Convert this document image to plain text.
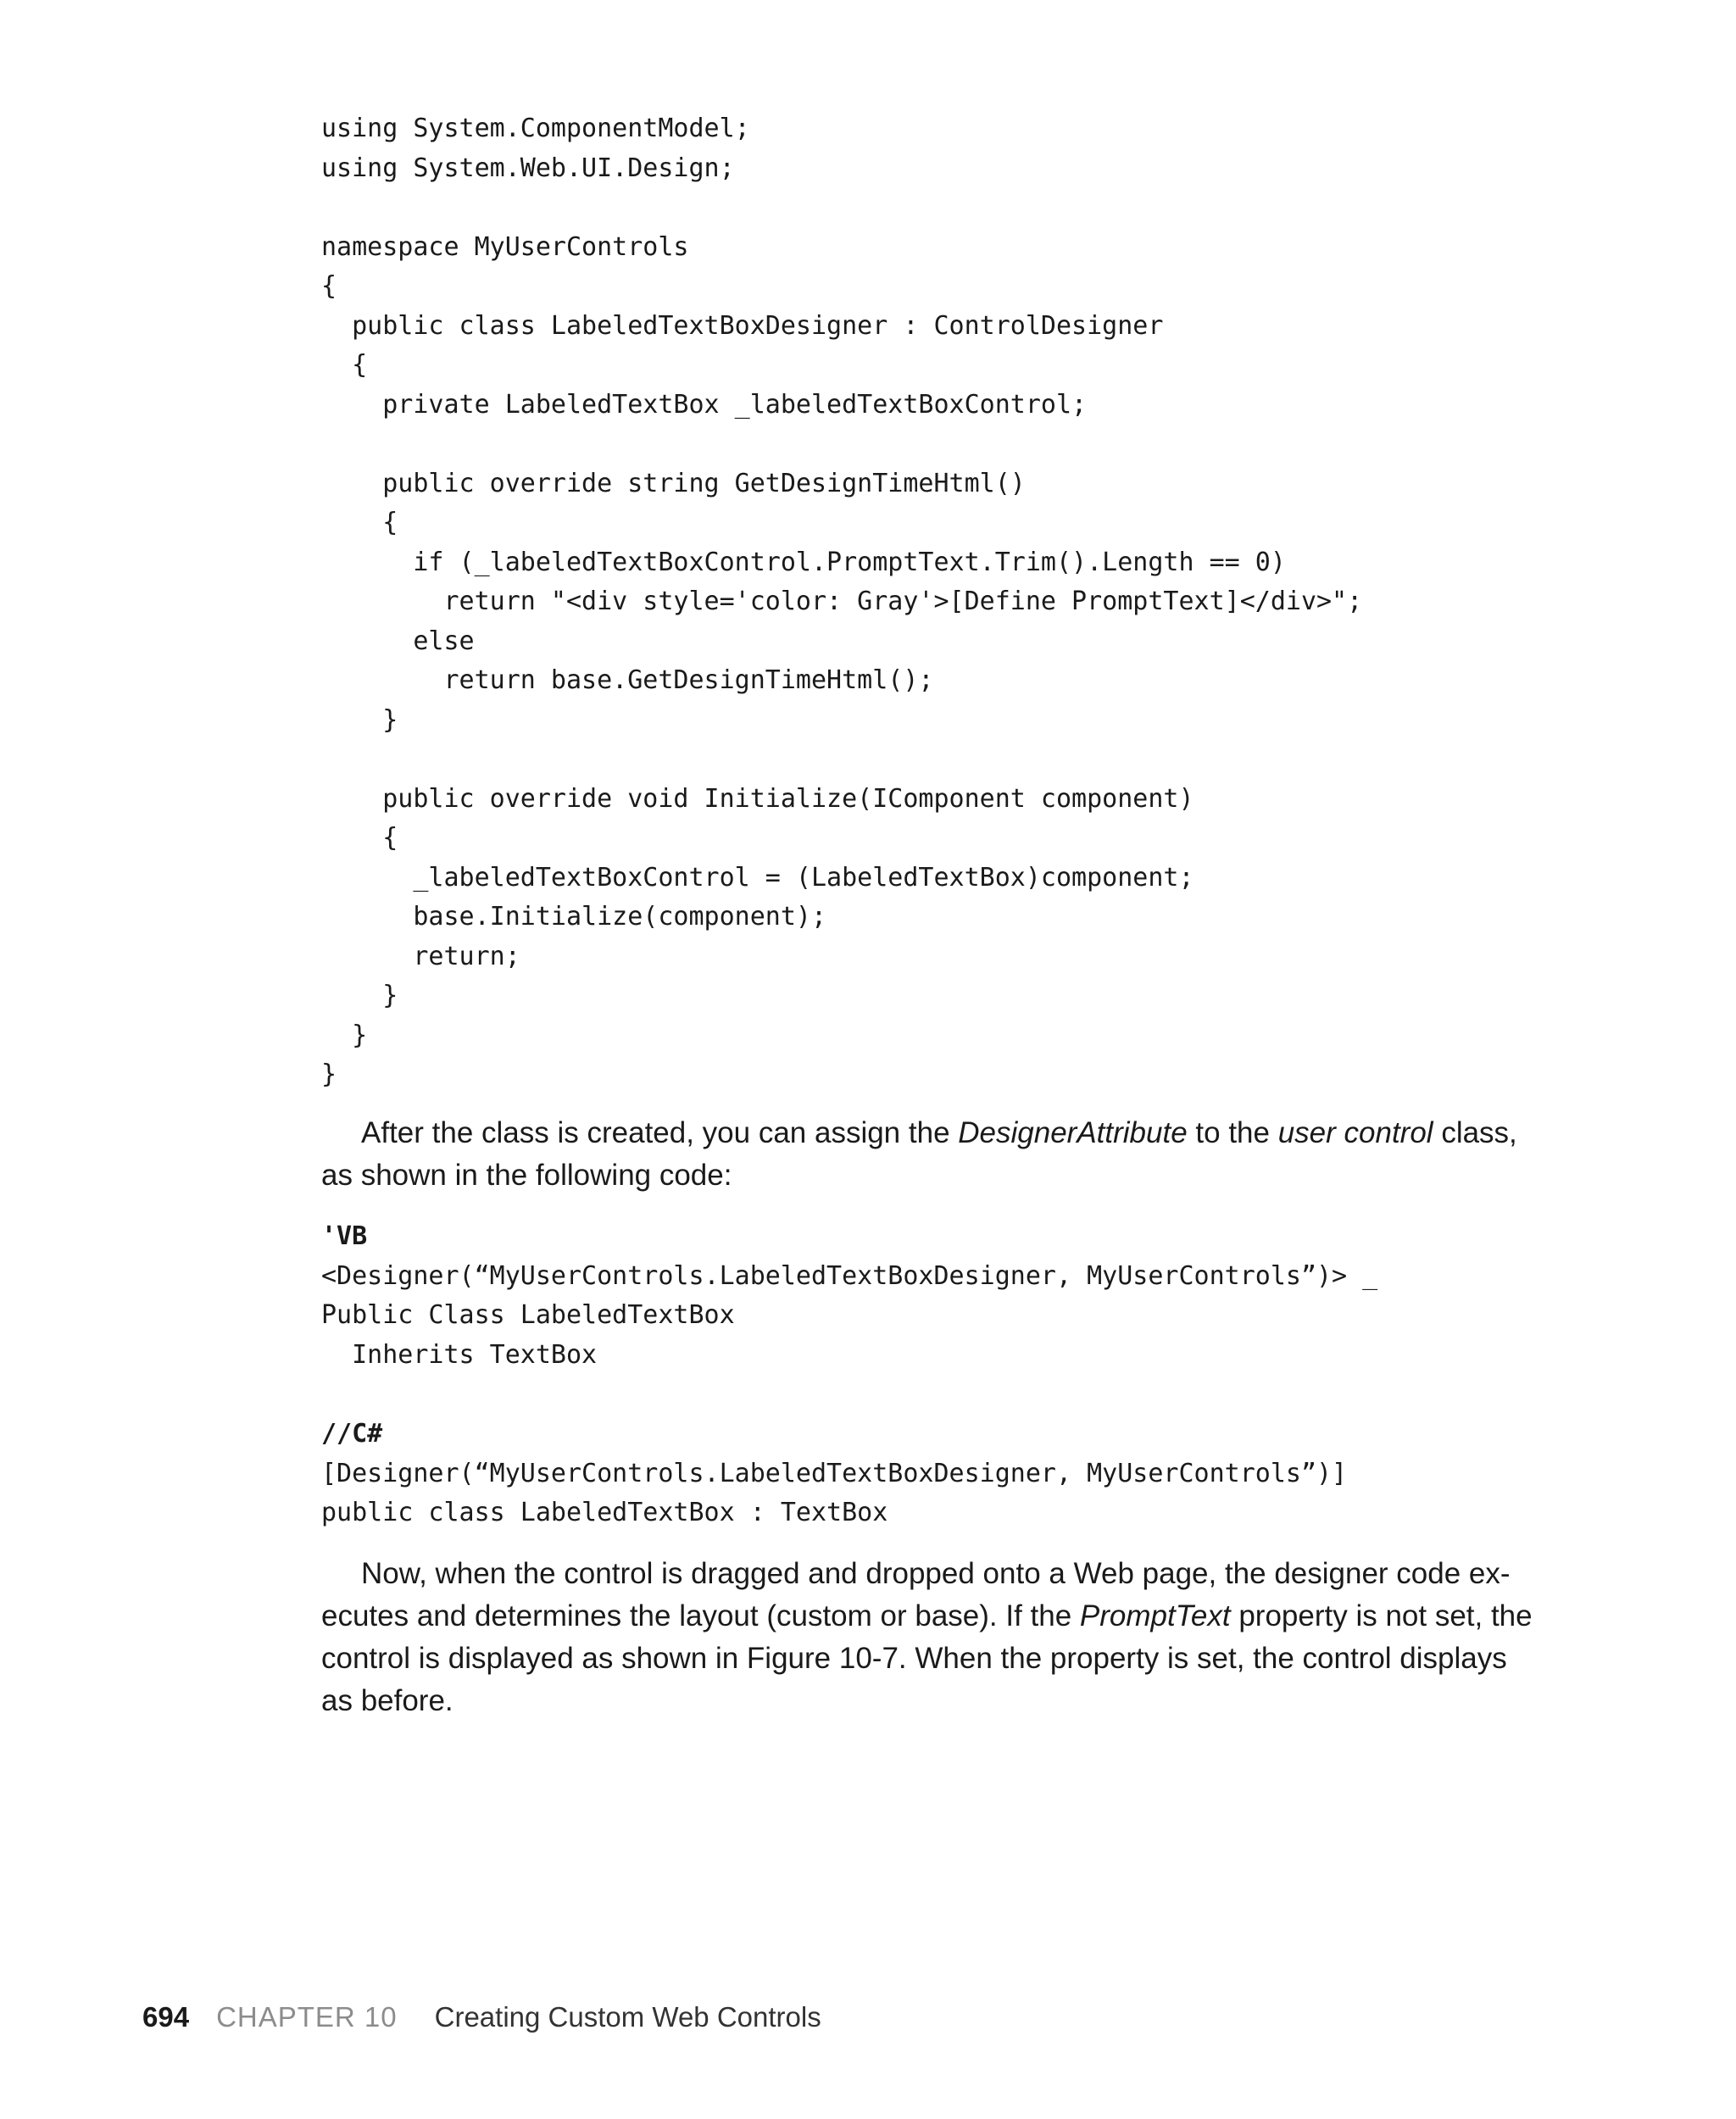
using System.ComponentModel;
using System.Web.UI.Design;
namespace MyUserControls
{
public class LabeledTextBoxDesigner : ControlDesigner
{
private LabeledTextBox _labeledTextBoxControl;
public override string GetDesignTimeHtml()
{
if (_labeledTextBoxControl.PromptText.Trim().Length == 0)
return "<div style='color: Gray'>[Define PromptText]</div>";
else
return base.GetDesignTimeHtml();
}
public override void Initialize(IComponent component)
{
_labeledTextBoxControl = (LabeledTextBox)component;
base.Initialize(component);
return;
}
}
}

After the class is created, you can assign the DesignerAttribute to the user control class, as shown in the following code:

'VB
<Designer(“MyUserControls.LabeledTextBoxDesigner, MyUserControls”)> _
Public Class LabeledTextBox
Inherits TextBox
//C#
[Designer(“MyUserControls.LabeledTextBoxDesigner, MyUserControls”)]
public class LabeledTextBox : TextBox

Now, when the control is dragged and dropped onto a Web page, the designer code ex-ecutes and determines the layout (custom or base). If the PromptText property is not set, the control is displayed as shown in Figure 10-7. When the property is set, the control displays as before.

694 CHAPTER 10 Creating Custom Web Controls
